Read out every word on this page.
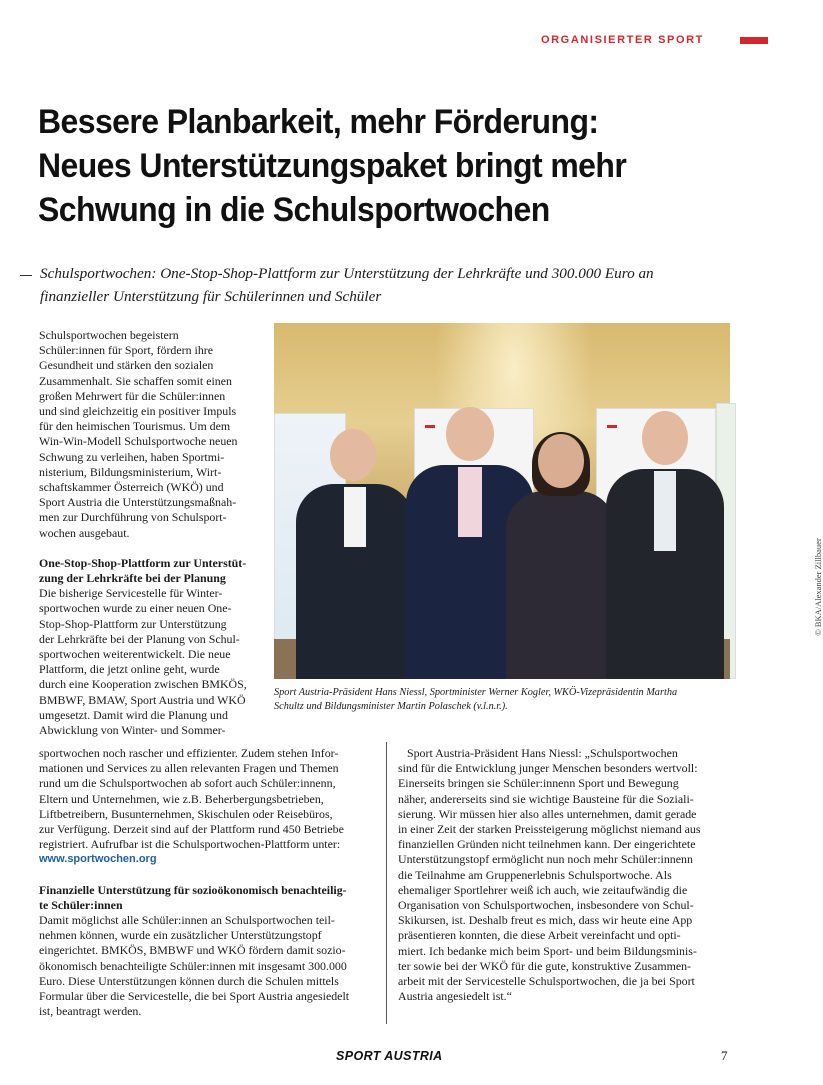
ORGANISIERTER SPORT
Bessere Planbarkeit, mehr Förderung:
Neues Unterstützungspaket bringt mehr
Schwung in die Schulsportwochen

Schulsportwochen: One-Stop-Shop-Plattform zur Unterstützung der Lehrkräfte und 300.000 Euro an
finanzieller Unterstützung für Schülerinnen und Schüler

Schulsportwochen begeistern
Schüler:innen für Sport, fördern ihre
Gesundheit und stärken den sozialen
Zusammenhalt. Sie schaffen somit einen
großen Mehrwert für die Schüler:innen
und sind gleichzeitig ein positiver Impuls
für den heimischen Tourismus. Um dem
Win-Win-Modell Schulsportwoche neuen
Schwung zu verleihen, haben Sportmi-
nisterium, Bildungsministerium, Wirt-
schaftskammer Österreich (WKÖ) und
Sport Austria die Unterstützungsmaßnah-
men zur Durchführung von Schulsport-
wochen ausgebaut.
One-Stop-Shop-Plattform zur Unterstüt-
zung der Lehrkräfte bei der Planung
Die bisherige Servicestelle für Winter-
sportwochen wurde zu einer neuen One-
Stop-Shop-Plattform zur Unterstützung
der Lehrkräfte bei der Planung von Schul-
sportwochen weiterentwickelt. Die neue
Plattform, die jetzt online geht, wurde
durch eine Kooperation zwischen BMKÖS,
BMBWF, BMAW, Sport Austria und WKÖ
umgesetzt. Damit wird die Planung und
Abwicklung von Winter- und Sommer-
© BKA/Alexander Zillbauer

Sport Austria-Präsident Hans Niessl, Sportminister Werner Kogler, WKÖ-Vizepräsidentin Martha
Schultz und Bildungsminister Martin Polaschek (v.l.n.r.).

sportwochen noch rascher und effizienter. Zudem stehen Infor-
mationen und Services zu allen relevanten Fragen und Themen
rund um die Schulsportwochen ab sofort auch Schüler:innenn,
Eltern und Unternehmen, wie z.B. Beherbergungsbetrieben,
Liftbetreibern, Busunternehmen, Skischulen oder Reisebüros,
zur Verfügung. Derzeit sind auf der Plattform rund 450 Betriebe
registriert. Aufrufbar ist die Schulsportwochen-Plattform unter:
www.sportwochen.org
Finanzielle Unterstützung für sozioökonomisch benachteilig-
te Schüler:innen
Damit möglichst alle Schüler:innen an Schulsportwochen teil-
nehmen können, wurde ein zusätzlicher Unterstützungstopf
eingerichtet. BMKÖS, BMBWF und WKÖ fördern damit sozio-
ökonomisch benachteiligte Schüler:innen mit insgesamt 300.000
Euro. Diese Unterstützungen können durch die Schulen mittels
Formular über die Servicestelle, die bei Sport Austria angesiedelt
ist, beantragt werden.
Sport Austria-Präsident Hans Niessl: „Schulsportwochen
sind für die Entwicklung junger Menschen besonders wertvoll:
Einerseits bringen sie Schüler:innenn Sport und Bewegung
näher, andererseits sind sie wichtige Bausteine für die Soziali-
sierung. Wir müssen hier also alles unternehmen, damit gerade
in einer Zeit der starken Preissteigerung möglichst niemand aus
finanziellen Gründen nicht teilnehmen kann. Der eingerichtete
Unterstützungstopf ermöglicht nun noch mehr Schüler:innenn
die Teilnahme am Gruppenerlebnis Schulsportwoche. Als
ehemaliger Sportlehrer weiß ich auch, wie zeitaufwändig die
Organisation von Schulsportwochen, insbesondere von Schul-
Skikursen, ist. Deshalb freut es mich, dass wir heute eine App
präsentieren konnten, die diese Arbeit vereinfacht und opti-
miert. Ich bedanke mich beim Sport- und beim Bildungsminis-
ter sowie bei der WKÖ für die gute, konstruktive Zusammen-
arbeit mit der Servicestelle Schulsportwochen, die ja bei Sport
Austria angesiedelt ist.“
SPORT AUSTRIA	7
